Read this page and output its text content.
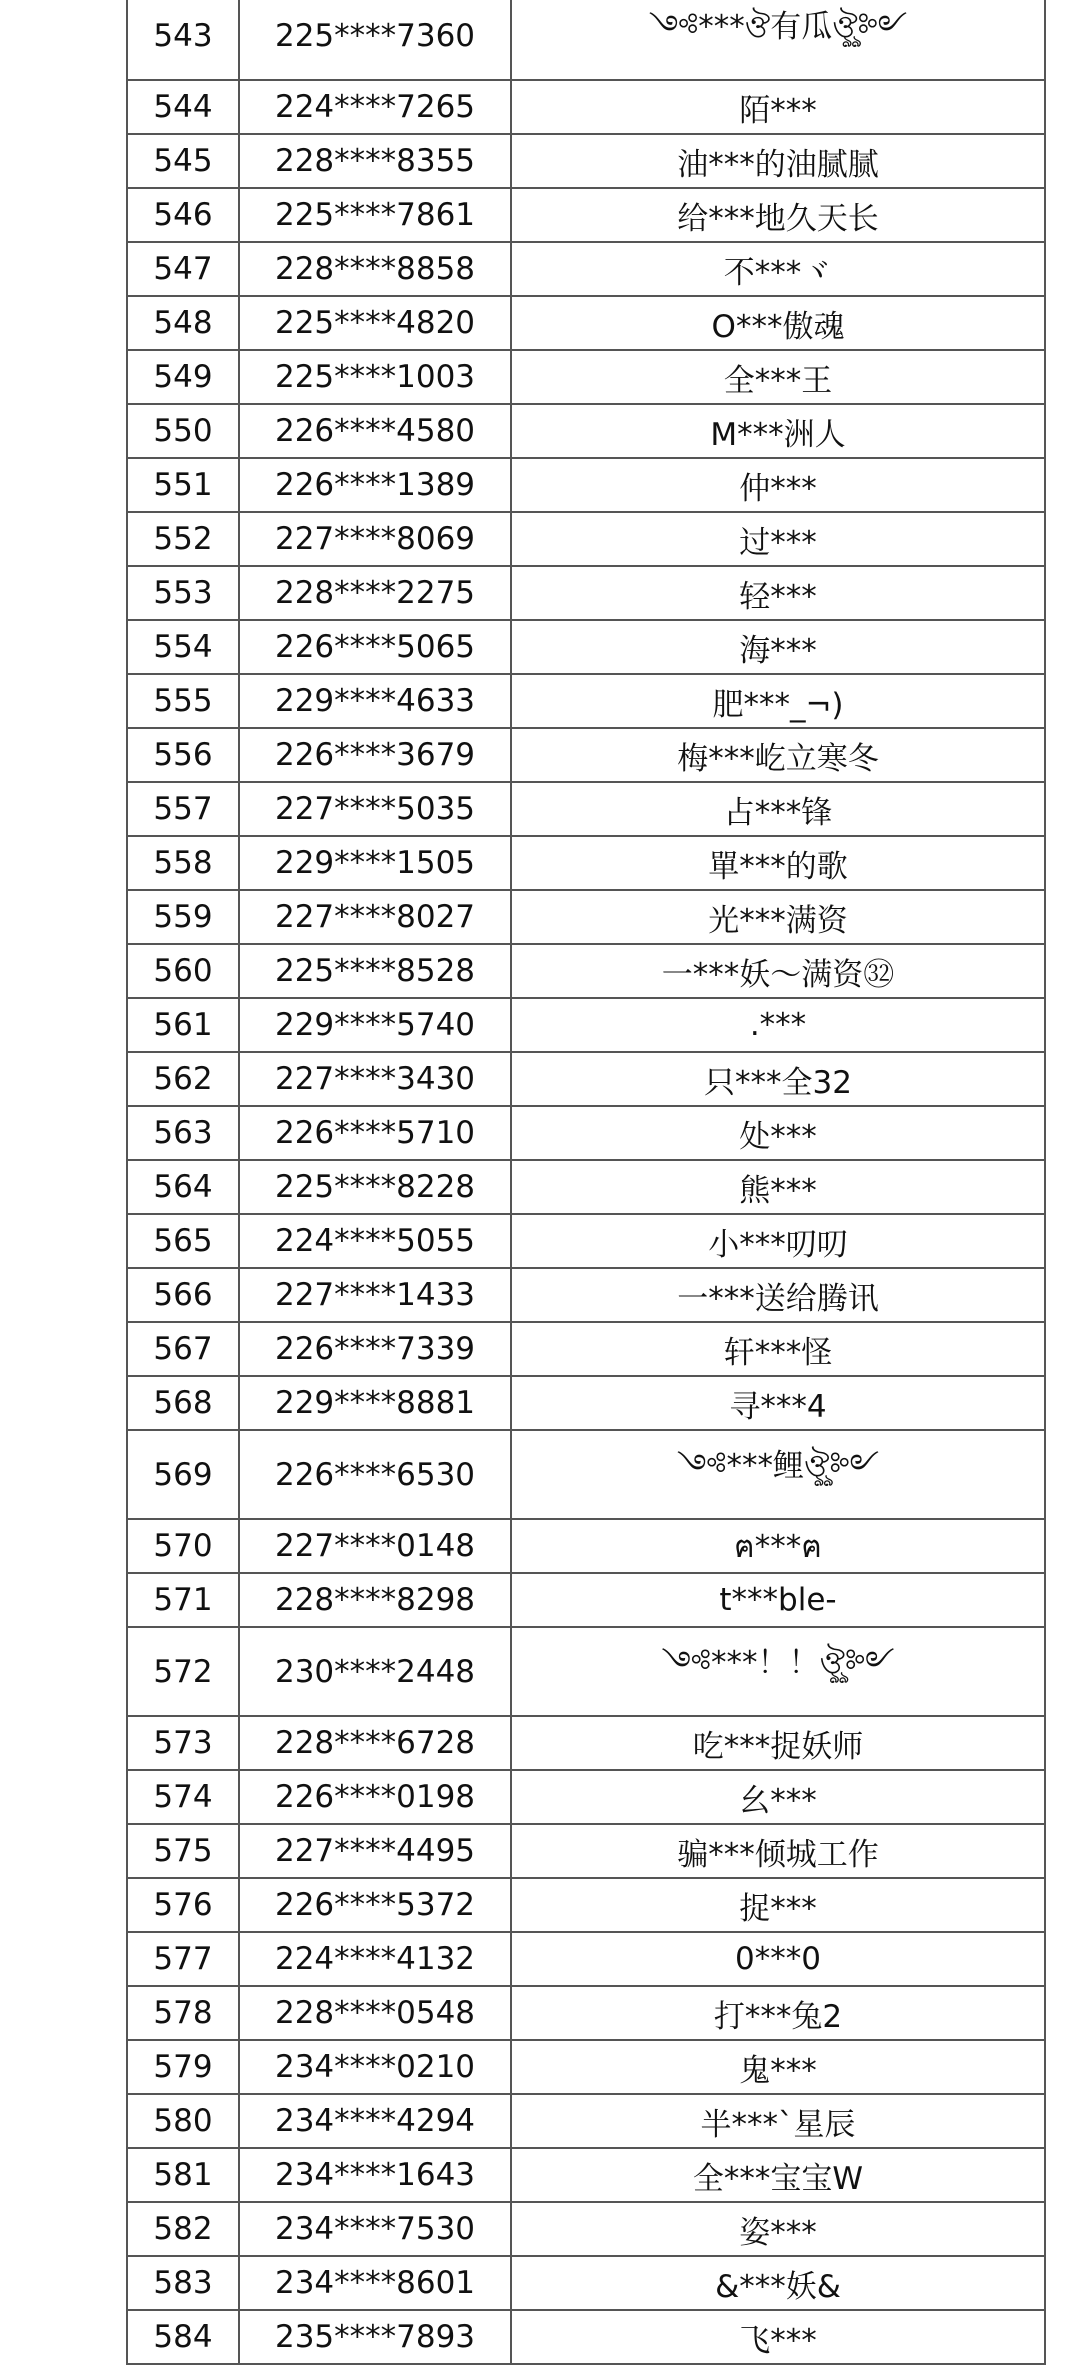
543	225****7360	༺***ঔ有瓜ঔৣ༻
544	224****7265	陌***
545	228****8355	油***的油腻腻
546	225****7861	给***地久天长
547	228****8858	不***ヾ
548	225****4820	O***傲魂
549	225****1003	全***王
550	226****4580	M***洲人
551	226****1389	仲***
552	227****8069	过***
553	228****2275	轻***
554	226****5065	海***
555	229****4633	肥***_¬)
556	226****3679	梅***屹立寒冬
557	227****5035	占***锋
558	229****1505	單***的歌
559	227****8027	光***满资
560	225****8528	一***妖〜满资㉜
561	229****5740	.***
562	227****3430	只***全32
563	226****5710	处***
564	225****8228	熊***
565	224****5055	小***叨叨
566	227****1433	一***送给腾讯
567	226****7339	轩***怪
568	229****8881	寻***4
569	226****6530	༺***鲤ঔৣ༻
570	227****0148	ฅ***ฅ
571	228****8298	t***ble-
572	230****2448	༺***！！ঔৣ༻
573	228****6728	吃***捉妖师
574	226****0198	幺***
575	227****4495	骗***倾城工作
576	226****5372	捉***
577	224****4132	0***0
578	228****0548	打***兔2
579	234****0210	鬼***
580	234****4294	半***`星辰
581	234****1643	全***宝宝W
582	234****7530	姿***
583	234****8601	&***妖&
584	235****7893	飞***
